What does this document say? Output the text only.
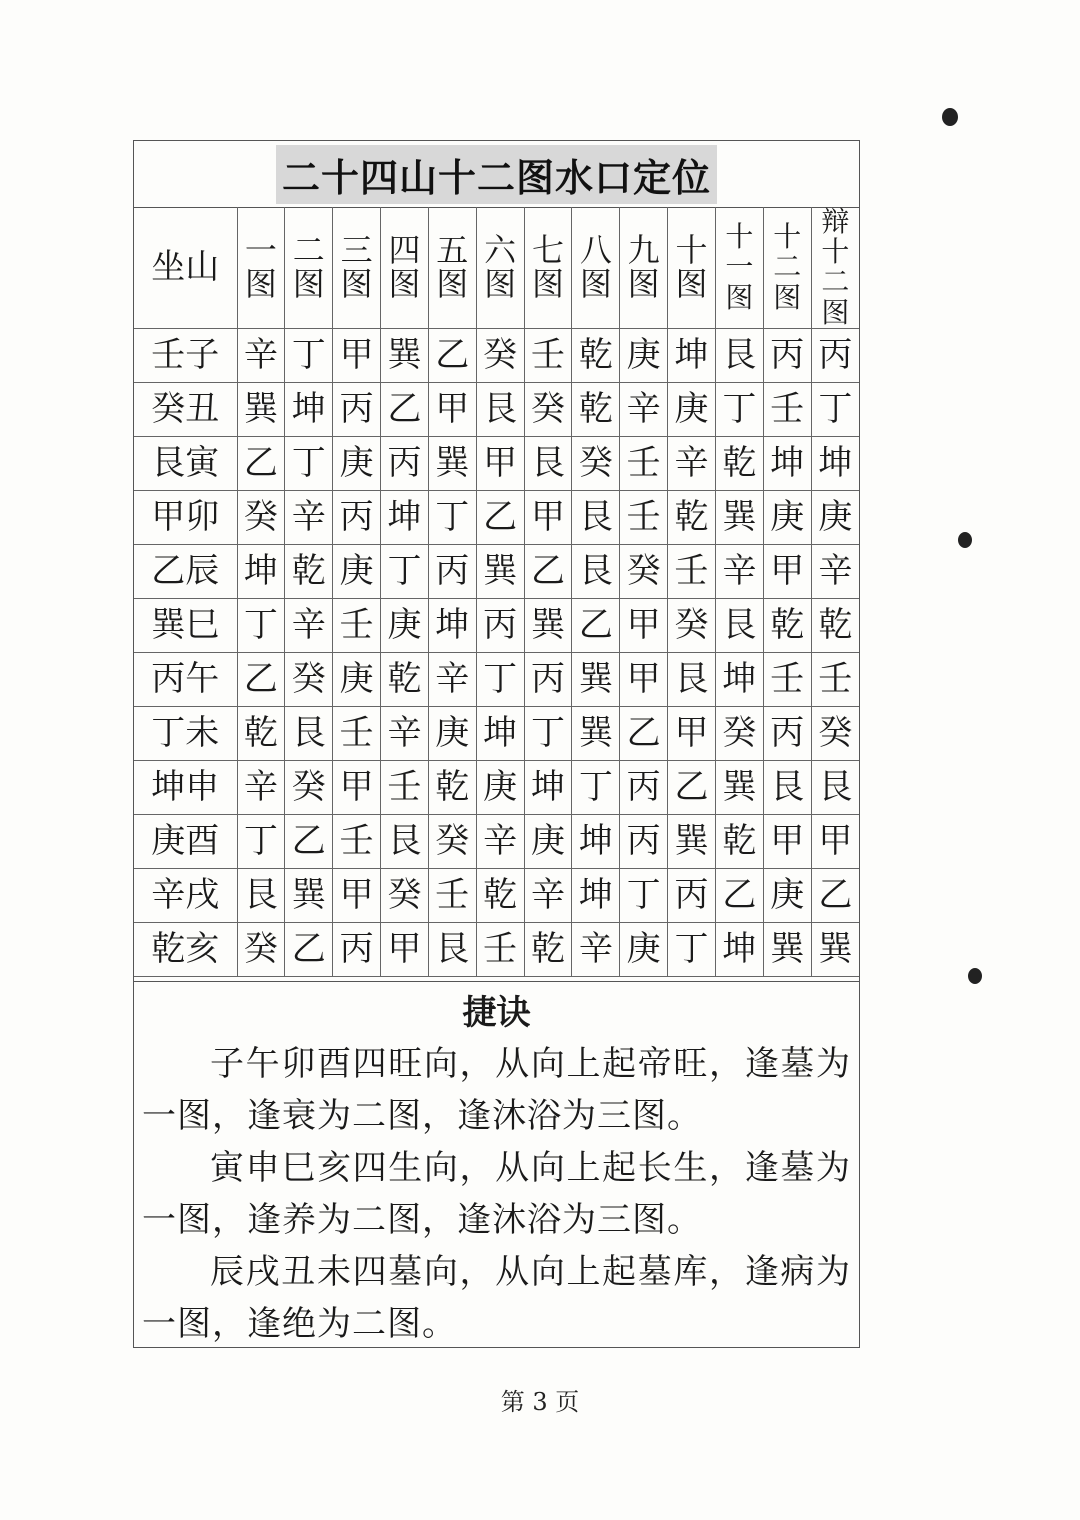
二十四山十二图水口定位
坐山	一图	二图	三图	四图	五图	六图	七图	八图	九图	十图	十一图	十二图	辩十二图
壬子	辛	丁	甲	巽	乙	癸	壬	乾	庚	坤	艮	丙	丙
癸丑	巽	坤	丙	乙	甲	艮	癸	乾	辛	庚	丁	壬	丁
艮寅	乙	丁	庚	丙	巽	甲	艮	癸	壬	辛	乾	坤	坤
甲卯	癸	辛	丙	坤	丁	乙	甲	艮	壬	乾	巽	庚	庚
乙辰	坤	乾	庚	丁	丙	巽	乙	艮	癸	壬	辛	甲	辛
巽巳	丁	辛	壬	庚	坤	丙	巽	乙	甲	癸	艮	乾	乾
丙午	乙	癸	庚	乾	辛	丁	丙	巽	甲	艮	坤	壬	壬
丁未	乾	艮	壬	辛	庚	坤	丁	巽	乙	甲	癸	丙	癸
坤申	辛	癸	甲	壬	乾	庚	坤	丁	丙	乙	巽	艮	艮
庚酉	丁	乙	壬	艮	癸	辛	庚	坤	丙	巽	乾	甲	甲
辛戌	艮	巽	甲	癸	壬	乾	辛	坤	丁	丙	乙	庚	乙
乾亥	癸	乙	丙	甲	艮	壬	乾	辛	庚	丁	坤	巽	巽
捷诀

子午卯酉四旺向，从向上起帝旺，逢墓为一图，逢衰为二图，逢沐浴为三图。

寅申巳亥四生向，从向上起长生，逢墓为一图，逢养为二图，逢沐浴为三图。

辰戌丑未四墓向，从向上起墓库，逢病为一图，逢绝为二图。

第 3 页
